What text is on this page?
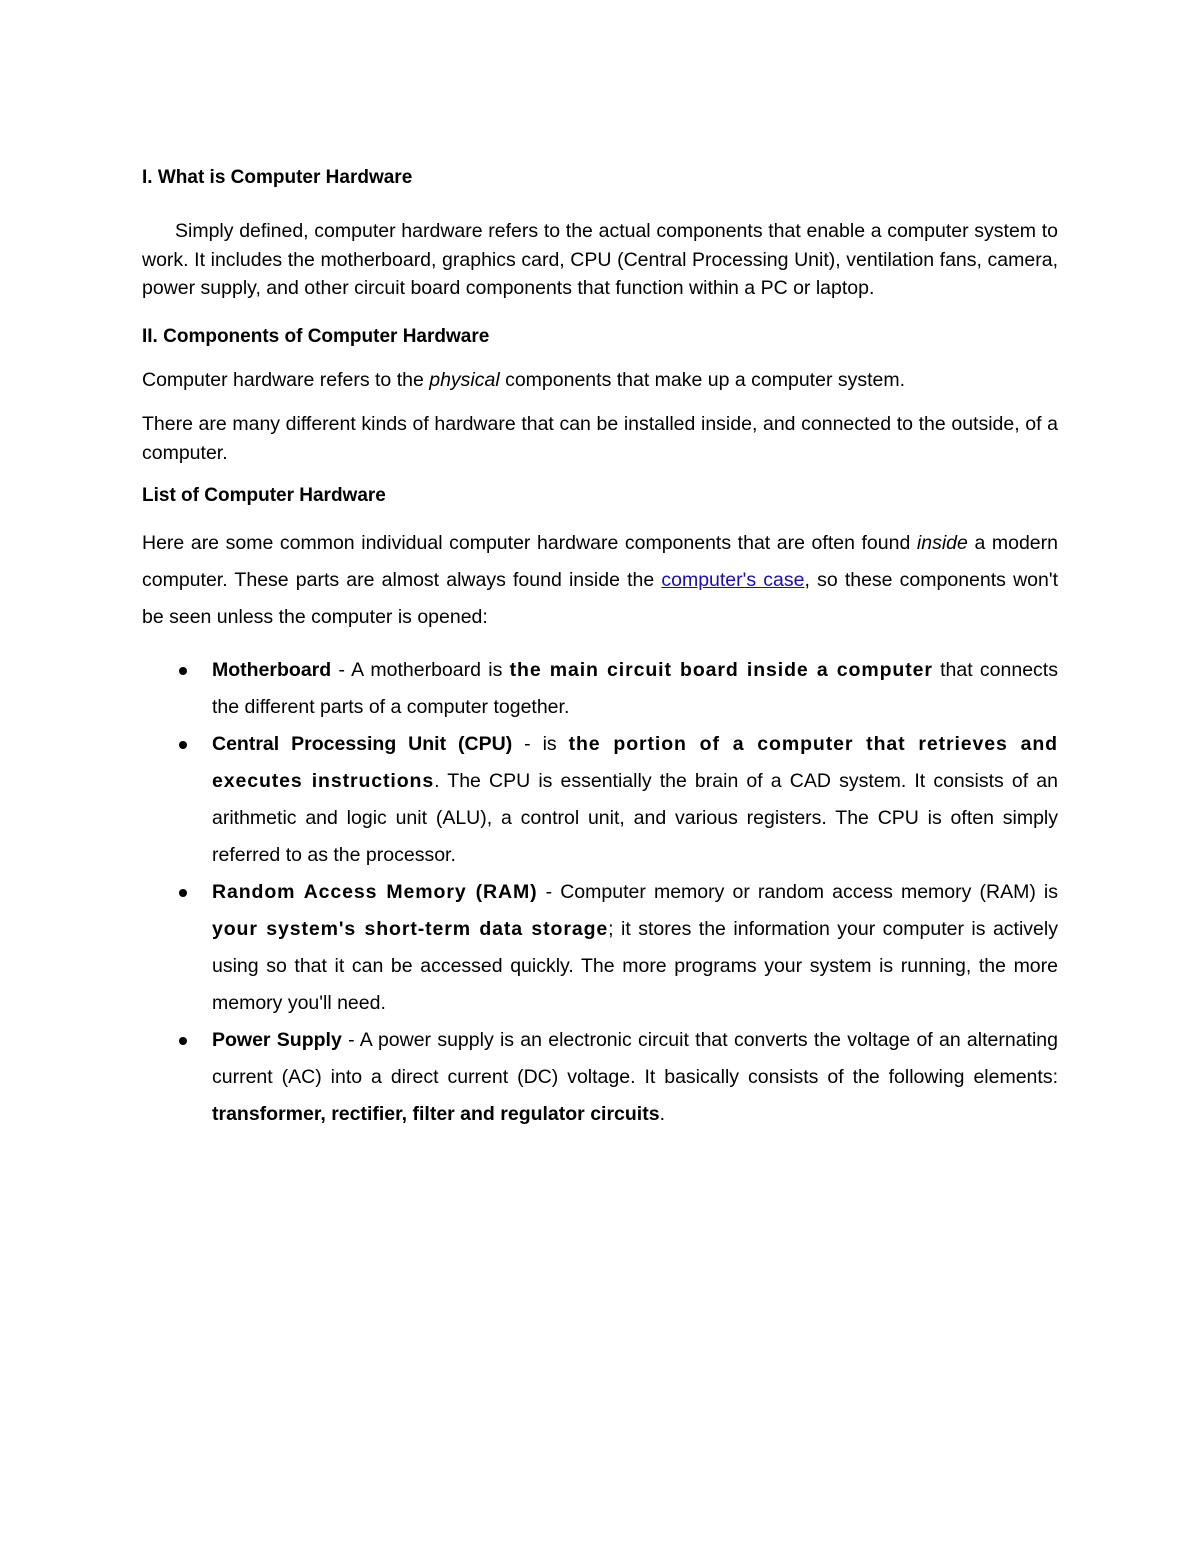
I. What is Computer Hardware

Simply defined, computer hardware refers to the actual components that enable a computer system to work. It includes the motherboard, graphics card, CPU (Central Processing Unit), ventilation fans, camera, power supply, and other circuit board components that function within a PC or laptop.

II. Components of Computer Hardware

Computer hardware refers to the physical components that make up a computer system.

There are many different kinds of hardware that can be installed inside, and connected to the outside, of a computer.

List of Computer Hardware

Here are some common individual computer hardware components that are often found inside a modern computer. These parts are almost always found inside the computer's case, so these components won't be seen unless the computer is opened:

Motherboard - A motherboard is the main circuit board inside a computer that connects the different parts of a computer together.
Central Processing Unit (CPU) - is the portion of a computer that retrieves and executes instructions. The CPU is essentially the brain of a CAD system. It consists of an arithmetic and logic unit (ALU), a control unit, and various registers. The CPU is often simply referred to as the processor.
Random Access Memory (RAM) - Computer memory or random access memory (RAM) is your system's short-term data storage; it stores the information your computer is actively using so that it can be accessed quickly. The more programs your system is running, the more memory you'll need.
Power Supply - A power supply is an electronic circuit that converts the voltage of an alternating current (AC) into a direct current (DC) voltage. It basically consists of the following elements: transformer, rectifier, filter and regulator circuits.
